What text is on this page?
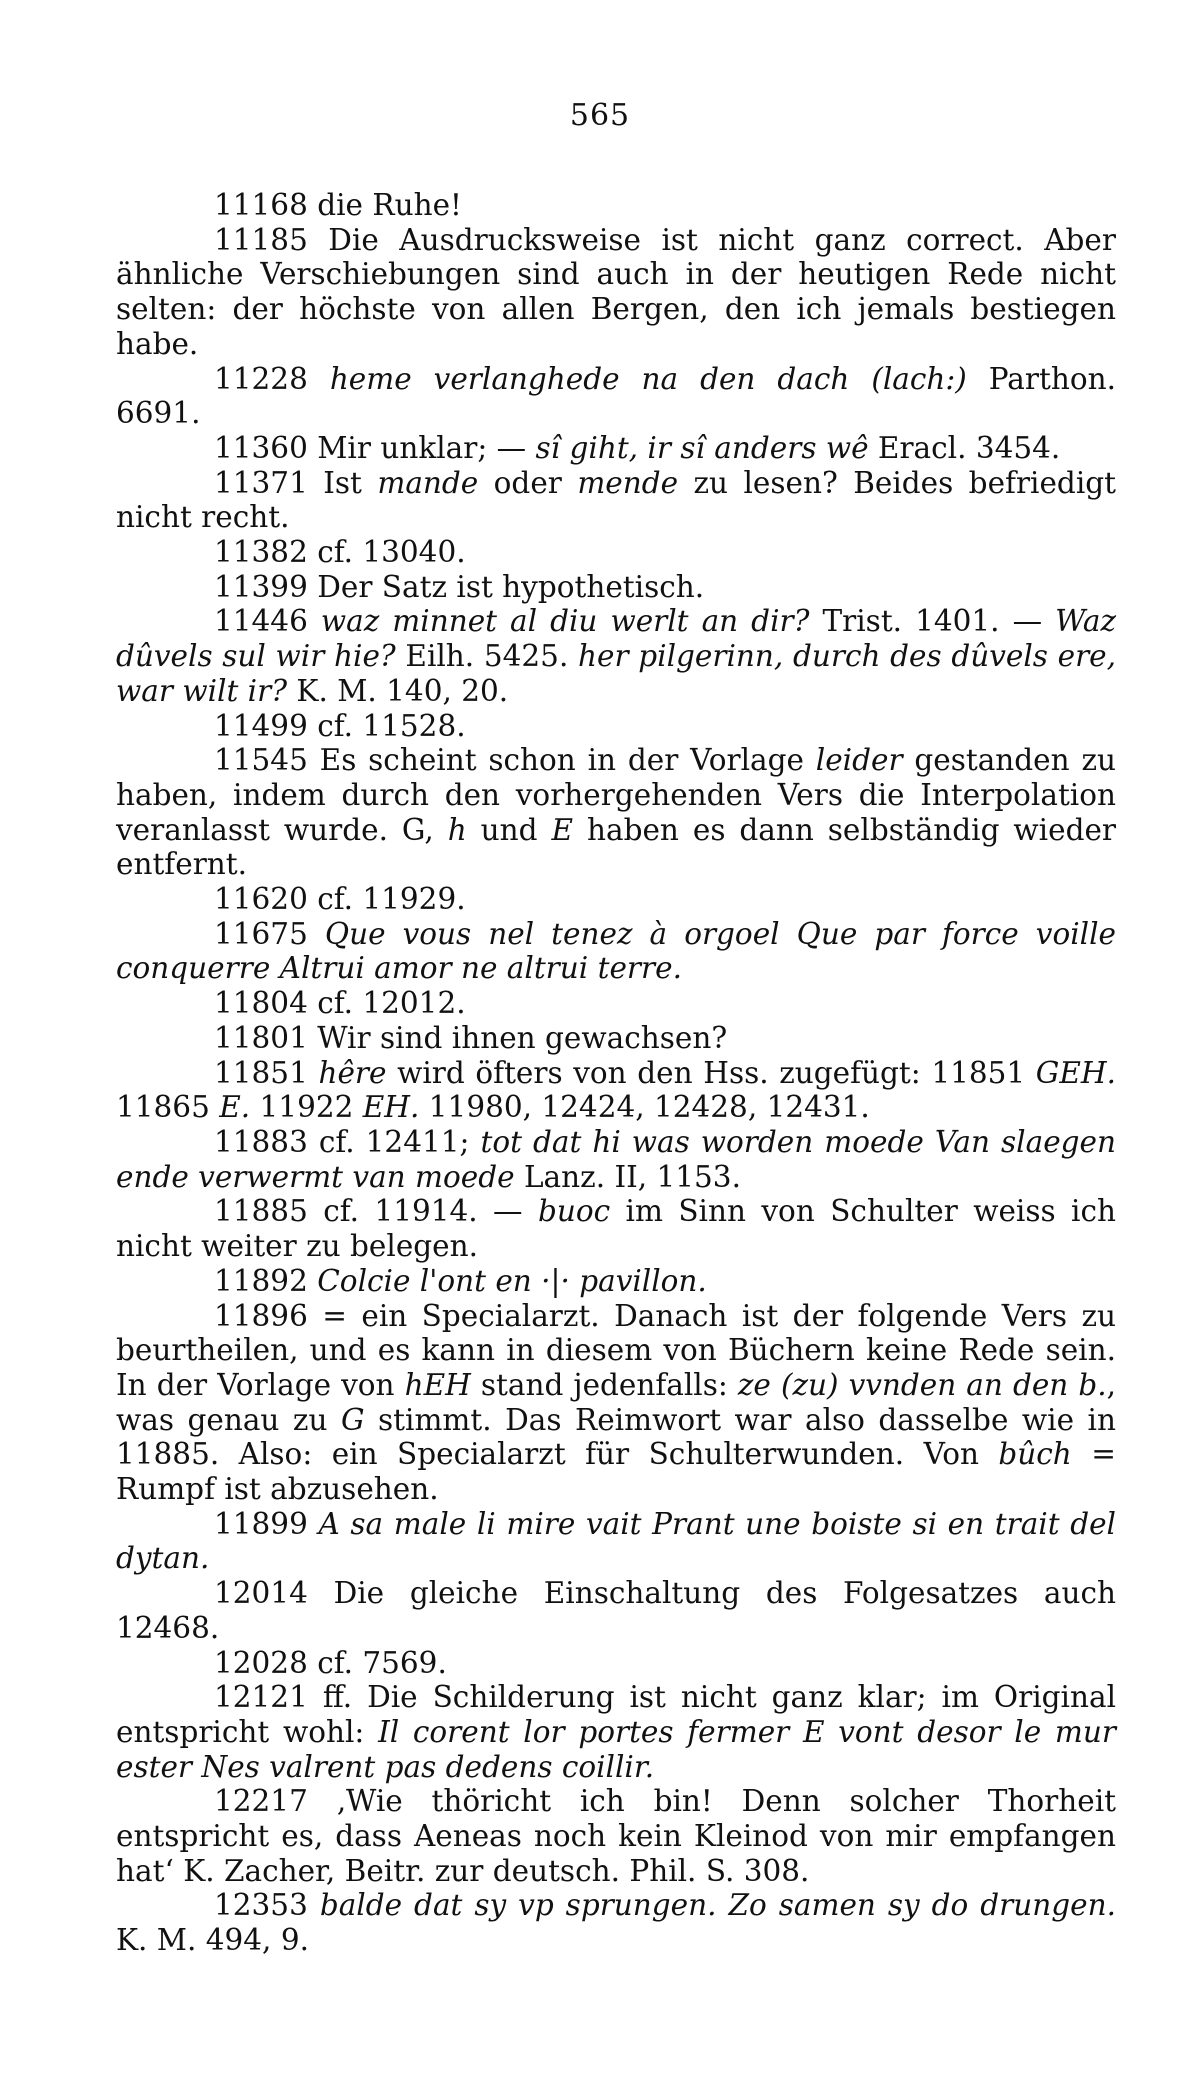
565

11168 die Ruhe!

11185 Die Ausdrucksweise ist nicht ganz correct. Aber ähnliche Verschiebungen sind auch in der heutigen Rede nicht selten: der höchste von allen Bergen, den ich jemals bestiegen habe.

11228 heme verlanghede na den dach (lach:) Parthon. 6691.

11360 Mir unklar; — sî giht, ir sî anders wê Eracl. 3454.

11371 Ist mande oder mende zu lesen? Beides befriedigt nicht recht.

11382 cf. 13040.

11399 Der Satz ist hypothetisch.

11446 waz minnet al diu werlt an dir? Trist. 1401. — Waz dûvels sul wir hie? Eilh. 5425. her pilgerinn, durch des dûvels ere, war wilt ir? K. M. 140, 20.

11499 cf. 11528.

11545 Es scheint schon in der Vorlage leider gestanden zu haben, indem durch den vorhergehenden Vers die Interpolation veranlasst wurde. G, h und E haben es dann selbständig wieder entfernt.

11620 cf. 11929.

11675 Que vous nel tenez à orgoel Que par force voille conquerre Altrui amor ne altrui terre.

11804 cf. 12012.

11801 Wir sind ihnen gewachsen?

11851 hêre wird öfters von den Hss. zugefügt: 11851 GEH. 11865 E. 11922 EH. 11980, 12424, 12428, 12431.

11883 cf. 12411; tot dat hi was worden moede Van slaegen ende verwermt van moede Lanz. II, 1153.

11885 cf. 11914. — buoc im Sinn von Schulter weiss ich nicht weiter zu belegen.

11892 Colcie l'ont en ·|· pavillon.

11896 = ein Specialarzt. Danach ist der folgende Vers zu beurtheilen, und es kann in diesem von Büchern keine Rede sein. In der Vorlage von hEH stand jedenfalls: ze (zu) vvnden an den b., was genau zu G stimmt. Das Reimwort war also dasselbe wie in 11885. Also: ein Specialarzt für Schulterwunden. Von bûch = Rumpf ist abzusehen.

11899 A sa male li mire vait Prant une boiste si en trait del dytan.

12014 Die gleiche Einschaltung des Folgesatzes auch 12468.

12028 cf. 7569.

12121 ff. Die Schilderung ist nicht ganz klar; im Original entspricht wohl: Il corent lor portes fermer E vont desor le mur ester Nes valrent pas dedens coillir.

12217 ‚Wie thöricht ich bin! Denn solcher Thorheit entspricht es, dass Aeneas noch kein Kleinod von mir empfangen hat‘ K. Zacher, Beitr. zur deutsch. Phil. S. 308.

12353 balde dat sy vp sprungen. Zo samen sy do drungen. K. M. 494, 9.
